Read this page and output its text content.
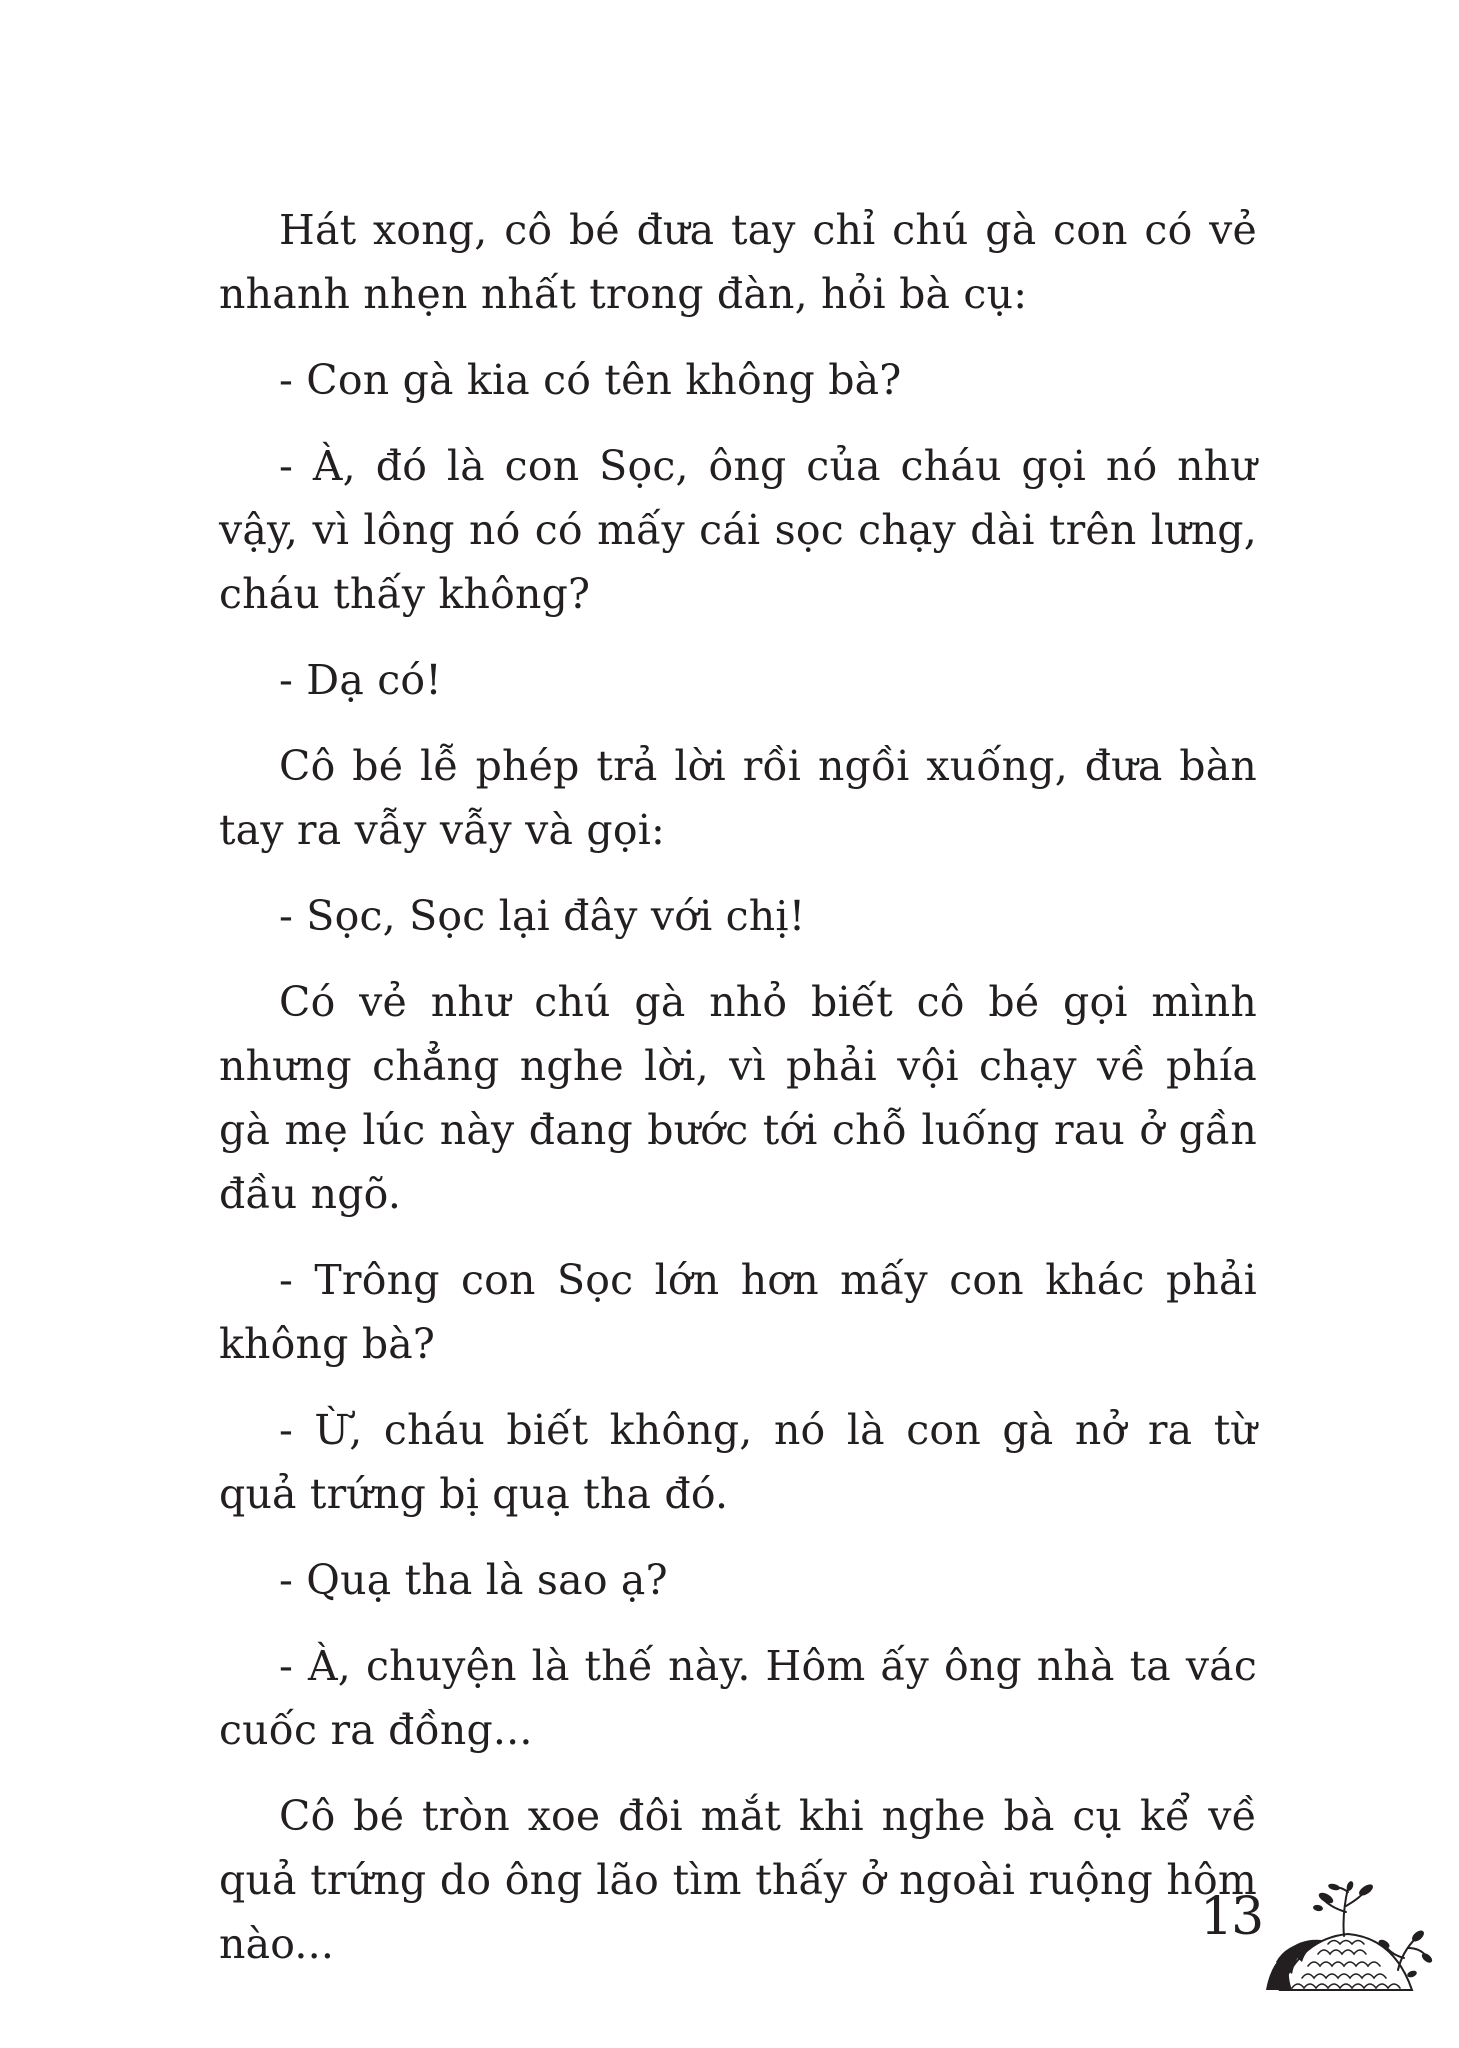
Hát xong, cô bé đưa tay chỉ chú gà con có vẻ nhanh nhẹn nhất trong đàn, hỏi bà cụ:

- Con gà kia có tên không bà?

- À, đó là con Sọc, ông của cháu gọi nó như vậy, vì lông nó có mấy cái sọc chạy dài trên lưng, cháu thấy không?

- Dạ có!

Cô bé lễ phép trả lời rồi ngồi xuống, đưa bàn tay ra vẫy vẫy và gọi:

- Sọc, Sọc lại đây với chị!

Có vẻ như chú gà nhỏ biết cô bé gọi mình nhưng chẳng nghe lời, vì phải vội chạy về phía gà mẹ lúc này đang bước tới chỗ luống rau ở gần đầu ngõ.

- Trông con Sọc lớn hơn mấy con khác phải không bà?

- Ừ, cháu biết không, nó là con gà nở ra từ quả trứng bị quạ tha đó.

- Quạ tha là sao ạ?

- À, chuyện là thế này. Hôm ấy ông nhà ta vác cuốc ra đồng...

Cô bé tròn xoe đôi mắt khi nghe bà cụ kể về quả trứng do ông lão tìm thấy ở ngoài ruộng hôm nào...	13
